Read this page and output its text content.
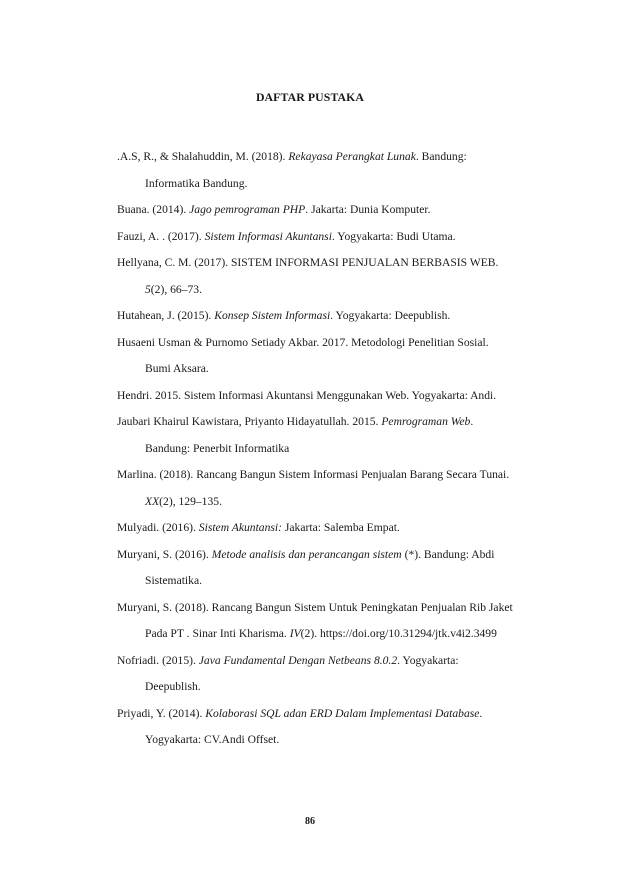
DAFTAR PUSTAKA
.A.S, R., & Shalahuddin, M. (2018). Rekayasa Perangkat Lunak. Bandung:
Informatika Bandung.
Buana. (2014). Jago pemrograman PHP. Jakarta: Dunia Komputer.
Fauzi, A. . (2017). Sistem Informasi Akuntansi. Yogyakarta: Budi Utama.
Hellyana, C. M. (2017). SISTEM INFORMASI PENJUALAN BERBASIS WEB.
5(2), 66–73.
Hutahean, J. (2015). Konsep Sistem Informasi. Yogyakarta: Deepublish.
Husaeni Usman & Purnomo Setiady Akbar. 2017. Metodologi Penelitian Sosial.
Bumi Aksara.
Hendri. 2015. Sistem Informasi Akuntansi Menggunakan Web. Yogyakarta: Andi.
Jaubari Khairul Kawistara, Priyanto Hidayatullah. 2015. Pemrograman Web.
Bandung: Penerbit Informatika
Marlina. (2018). Rancang Bangun Sistem Informasi Penjualan Barang Secara Tunai.
XX(2), 129–135.
Mulyadi. (2016). Sistem Akuntansi: Jakarta: Salemba Empat.
Muryani, S. (2016). Metode analisis dan perancangan sistem (*). Bandung: Abdi
Sistematika.
Muryani, S. (2018). Rancang Bangun Sistem Untuk Peningkatan Penjualan Rib Jaket
Pada PT . Sinar Inti Kharisma. IV(2). https://doi.org/10.31294/jtk.v4i2.3499
Nofriadi. (2015). Java Fundamental Dengan Netbeans 8.0.2. Yogyakarta:
Deepublish.
Priyadi, Y. (2014). Kolaborasi SQL adan ERD Dalam Implementasi Database.
Yogyakarta: CV.Andi Offset.
86
